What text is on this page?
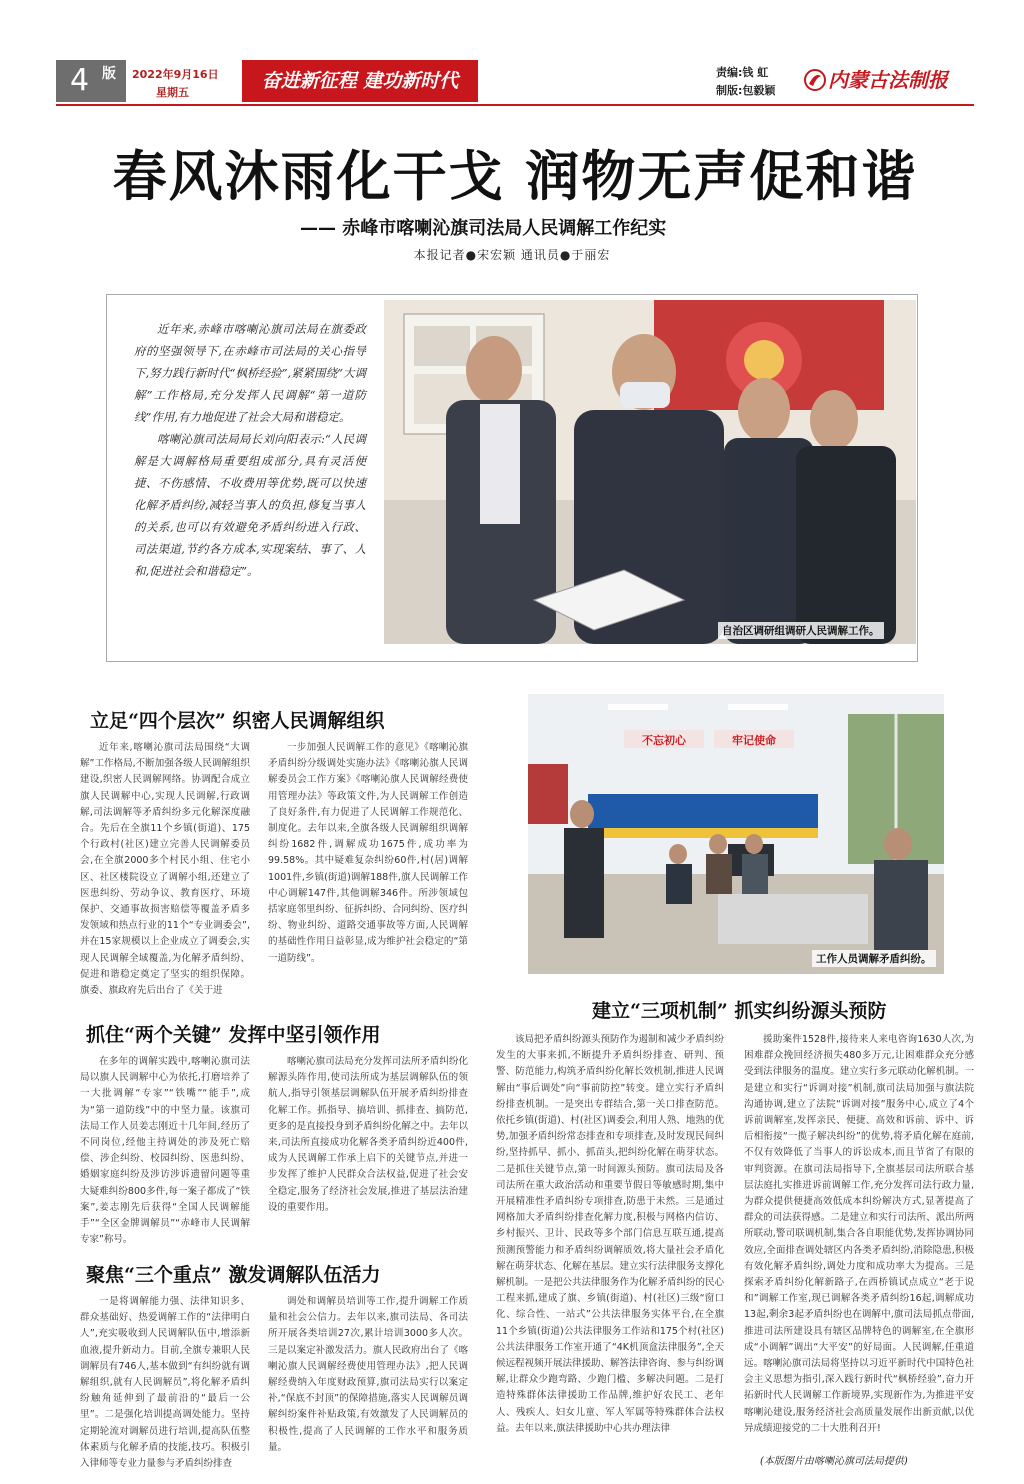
4 版 2022年9月16日
星期五
奋进新征程 建功新时代	责编:钱 虹
制版:包毅颖	内蒙古法制报
春风沐雨化干戈 润物无声促和谐
—— 赤峰市喀喇沁旗司法局人民调解工作纪实
本报记者●宋宏颖 通讯员●于丽宏

近年来,赤峰市喀喇沁旗司法局在旗委政府的坚强领导下,在赤峰市司法局的关心指导下,努力践行新时代“枫桥经验”,紧紧围绕“大调解”工作格局,充分发挥人民调解“第一道防线”作用,有力地促进了社会大局和谐稳定。

喀喇沁旗司法局局长刘向阳表示:“人民调解是大调解格局重要组成部分,具有灵活便捷、不伤感情、不收费用等优势,既可以快速化解矛盾纠纷,减轻当事人的负担,修复当事人的关系,也可以有效避免矛盾纠纷进入行政、司法渠道,节约各方成本,实现案结、事了、人和,促进社会和谐稳定”。

自治区调研组调研人民调解工作。
立足“四个层次” 织密人民调解组织

近年来,喀喇沁旗司法局围绕“大调解”工作格局,不断加强各级人民调解组织建设,织密人民调解网络。协调配合成立旗人民调解中心,实现人民调解,行政调解,司法调解等矛盾纠纷多元化解深度融合。先后在全旗11个乡镇(街道)、175个行政村(社区)建立完善人民调解委员会,在全旗2000多个村民小组、住宅小区、社区楼院设立了调解小组,还建立了医患纠纷、劳动争议、教育医疗、环境保护、交通事故损害赔偿等覆盖矛盾多发领域和热点行业的11个“专业调委会”,并在15家规模以上企业成立了调委会,实现人民调解全域覆盖,为化解矛盾纠纷、促进和谐稳定奠定了坚实的组织保障。旗委、旗政府先后出台了《关于进

一步加强人民调解工作的意见》《喀喇沁旗矛盾纠纷分级调处实施办法》《喀喇沁旗人民调解委员会工作方案》《喀喇沁旗人民调解经费使用管理办法》等政策文件,为人民调解工作创造了良好条件,有力促进了人民调解工作规范化、制度化。去年以来,全旗各级人民调解组织调解纠纷1682件,调解成功1675件,成功率为99.58%。其中疑难复杂纠纷60件,村(居)调解1001件,乡镇(街道)调解188件,旗人民调解工作中心调解147件,其他调解346件。所涉领域包括家庭邻里纠纷、征拆纠纷、合同纠纷、医疗纠纷、物业纠纷、道路交通事故等方面,人民调解的基础性作用日益彰显,成为维护社会稳定的“第一道防线”。

不忘初心	牢记使命
工作人员调解矛盾纠纷。
抓住“两个关键” 发挥中坚引领作用

在多年的调解实践中,喀喇沁旗司法局以旗人民调解中心为依托,打磨培养了一大批调解“专家”“铁嘴”“能手”,成为“第一道防线”中的中坚力量。该旗司法局工作人员姜志刚近十几年间,经历了不同岗位,经他主持调处的涉及死亡赔偿、涉企纠纷、校园纠纷、医患纠纷、婚姻家庭纠纷及涉访涉诉遗留问题等重大疑难纠纷800多件,每一案子都成了“铁案”,姜志刚先后获得“全国人民调解能手”“全区金牌调解员”“赤峰市人民调解专家”称号。

喀喇沁旗司法局充分发挥司法所矛盾纠纷化解源头阵作用,使司法所成为基层调解队伍的领航人,指导引领基层调解队伍开展矛盾纠纷排查化解工作。抓指导、搞培训、抓排查、搞防范,更多的是直接投身到矛盾纠纷化解之中。去年以来,司法所直接成功化解各类矛盾纠纷近400件,成为人民调解工作承上启下的关键节点,并进一步发挥了维护人民群众合法权益,促进了社会安全稳定,服务了经济社会发展,推进了基层法治建设的重要作用。

聚焦“三个重点” 激发调解队伍活力

一是将调解能力强、法律知识多、群众基础好、热爱调解工作的“法律明白人”,充实吸收到人民调解队伍中,增添新血液,提升新动力。目前,全旗专兼职人民调解员有746人,基本做到“有纠纷就有调解组织,就有人民调解员”,将化解矛盾纠纷触角延伸到了最前沿的“最后一公里”。二是强化培训提高调处能力。坚持定期轮流对调解员进行培训,提高队伍整体素质与化解矛盾的技能,技巧。积极引入律师等专业力量参与矛盾纠纷排查

调处和调解员培训等工作,提升调解工作质量和社会公信力。去年以来,旗司法局、各司法所开展各类培训27次,累计培训3000多人次。三是以案定补激发活力。旗人民政府出台了《喀喇沁旗人民调解经费使用管理办法》,把人民调解经费纳入年度财政预算,旗司法局实行以案定补,“保底不封顶”的保障措施,落实人民调解员调解纠纷案件补贴政策,有效激发了人民调解员的积极性,提高了人民调解的工作水平和服务质量。

建立“三项机制” 抓实纠纷源头预防

该局把矛盾纠纷源头预防作为遏制和减少矛盾纠纷发生的大事来抓,不断提升矛盾纠纷排查、研判、预警、防范能力,构筑矛盾纠纷化解长效机制,推进人民调解由“事后调处”向“事前防控”转变。建立实行矛盾纠纷排查机制。一是突出专群结合,第一关口排查防范。依托乡镇(街道)、村(社区)调委会,利用人熟、地熟的优势,加强矛盾纠纷常态排查和专项排查,及时发现民间纠纷,坚持抓早、抓小、抓苗头,把纠纷化解在萌芽状态。二是抓住关键节点,第一时间源头预防。旗司法局及各司法所在重大政治活动和重要节假日等敏感时期,集中开展精准性矛盾纠纷专项排查,防患于未然。三是通过网格加大矛盾纠纷排查化解力度,积极与网格内信访、乡村振兴、卫计、民政等多个部门信息互联互通,提高预测预警能力和矛盾纠纷调解质效,将大量社会矛盾化解在萌芽状态、化解在基层。建立实行法律服务支撑化解机制。一是把公共法律服务作为化解矛盾纠纷的民心工程来抓,建成了旗、乡镇(街道)、村(社区)三级“窗口化、综合性、一站式”公共法律服务实体平台,在全旗11个乡镇(街道)公共法律服务工作站和175个村(社区)公共法律服务工作室开通了“4K机顶盒法律服务”,全天候远程视频开展法律援助、解答法律咨询、参与纠纷调解,让群众少跑弯路、少跑门槛、多解决问题。二是打造特殊群体法律援助工作品牌,维护好农民工、老年人、残疾人、妇女儿童、军人军属等特殊群体合法权益。去年以来,旗法律援助中心共办理法律

援助案件1528件,接待来人来电咨询1630人次,为困难群众挽回经济损失480多万元,让困难群众充分感受到法律服务的温度。建立实行多元联动化解机制。一是建立和实行“诉调对接”机制,旗司法局加强与旗法院沟通协调,建立了法院“诉调对接”服务中心,成立了4个诉前调解室,发挥亲民、便捷、高效和诉前、诉中、诉后相衔接“一揽子解决纠纷”的优势,将矛盾化解在庭前,不仅有效降低了当事人的诉讼成本,而且节省了有限的审判资源。在旗司法局指导下,全旗基层司法所联合基层法庭扎实推进诉前调解工作,充分发挥司法行政力量,为群众提供便捷高效低成本纠纷解决方式,显著提高了群众的司法获得感。二是建立和实行司法所、派出所两所联动,警司联调机制,集合各自职能优势,发挥协调协同效应,全面排查调处辖区内各类矛盾纠纷,消除隐患,积极有效化解矛盾纠纷,调处力度和成功率大为提高。三是探索矛盾纠纷化解新路子,在西桥镇试点成立“老于说和”调解工作室,现已调解各类矛盾纠纷16起,调解成功13起,剩余3起矛盾纠纷也在调解中,旗司法局抓点带面,推进司法所建设具有辖区品牌特色的调解室,在全旗形成“小调解”调出“大平安”的好局面。人民调解,任重道远。喀喇沁旗司法局将坚持以习近平新时代中国特色社会主义思想为指引,深入践行新时代“枫桥经验”,奋力开拓新时代人民调解工作新境界,实现新作为,为推进平安喀喇沁建设,服务经济社会高质量发展作出新贡献,以优异成绩迎接党的二十大胜利召开!

(本版图片由喀喇沁旗司法局提供)
